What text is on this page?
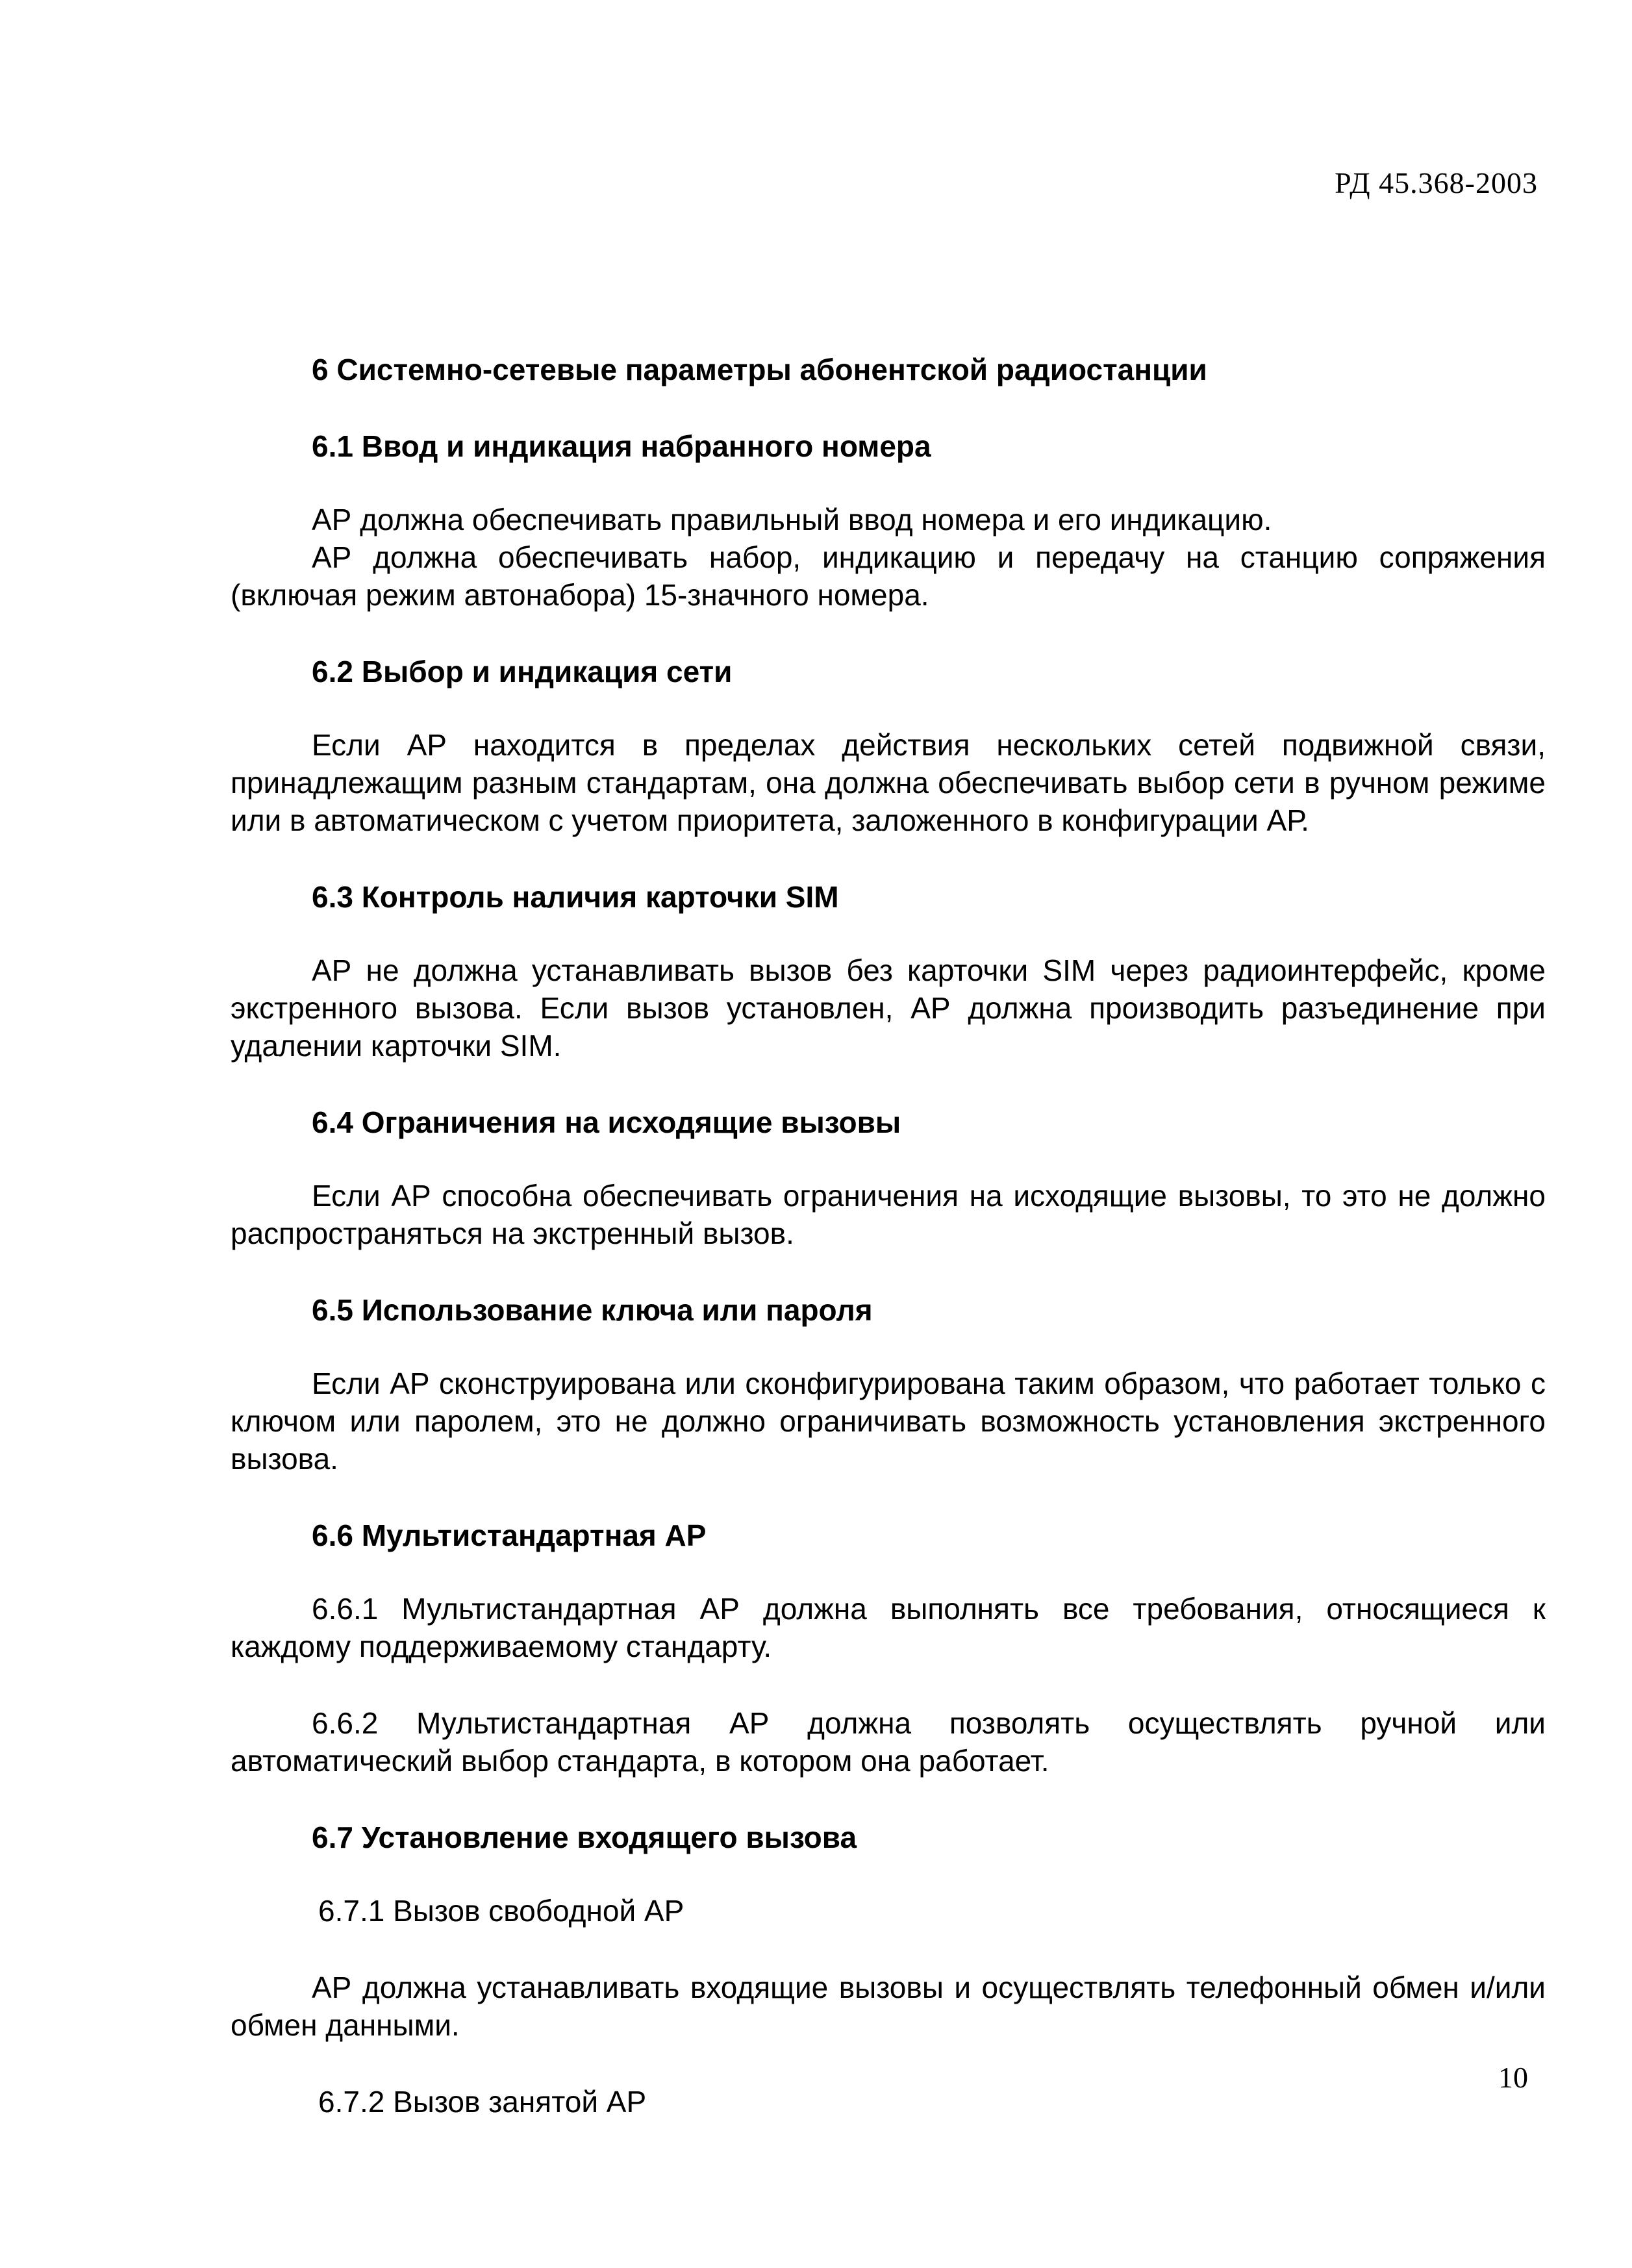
РД 45.368-2003

6 Системно-сетевые параметры абонентской радиостанции

6.1 Ввод и индикация набранного номера

АР должна обеспечивать правильный ввод номера и его индикацию.

АР должна обеспечивать набор, индикацию и передачу на станцию сопряжения (включая режим автонабора) 15-значного номера.

6.2 Выбор и индикация сети

Если АР находится в пределах действия нескольких сетей подвижной связи, принадлежащим разным стандартам, она должна обеспечивать выбор сети в ручном режиме или в автоматическом с учетом приоритета, заложенного в конфигурации АР.

6.3 Контроль наличия карточки SIM

АР не должна устанавливать вызов без карточки SIM через радиоинтерфейс, кроме экстренного вызова. Если вызов установлен, АР должна производить разъединение при удалении карточки SIM.

6.4 Ограничения на исходящие вызовы

Если АР способна обеспечивать ограничения на исходящие вызовы, то это не должно распространяться на экстренный вызов.

6.5 Использование ключа или пароля

Если АР сконструирована или сконфигурирована таким образом, что работает только с ключом или паролем, это не должно ограничивать возможность установления экстренного вызова.

6.6 Мультистандартная АР

6.6.1 Мультистандартная АР должна выполнять все требования, относящиеся к каждому поддерживаемому стандарту.

6.6.2 Мультистандартная АР должна позволять осуществлять ручной или автоматический выбор стандарта, в котором она работает.

6.7 Установление входящего вызова

6.7.1 Вызов свободной АР

АР должна устанавливать входящие вызовы и осуществлять телефонный обмен и/или обмен данными.

6.7.2 Вызов занятой АР

10
